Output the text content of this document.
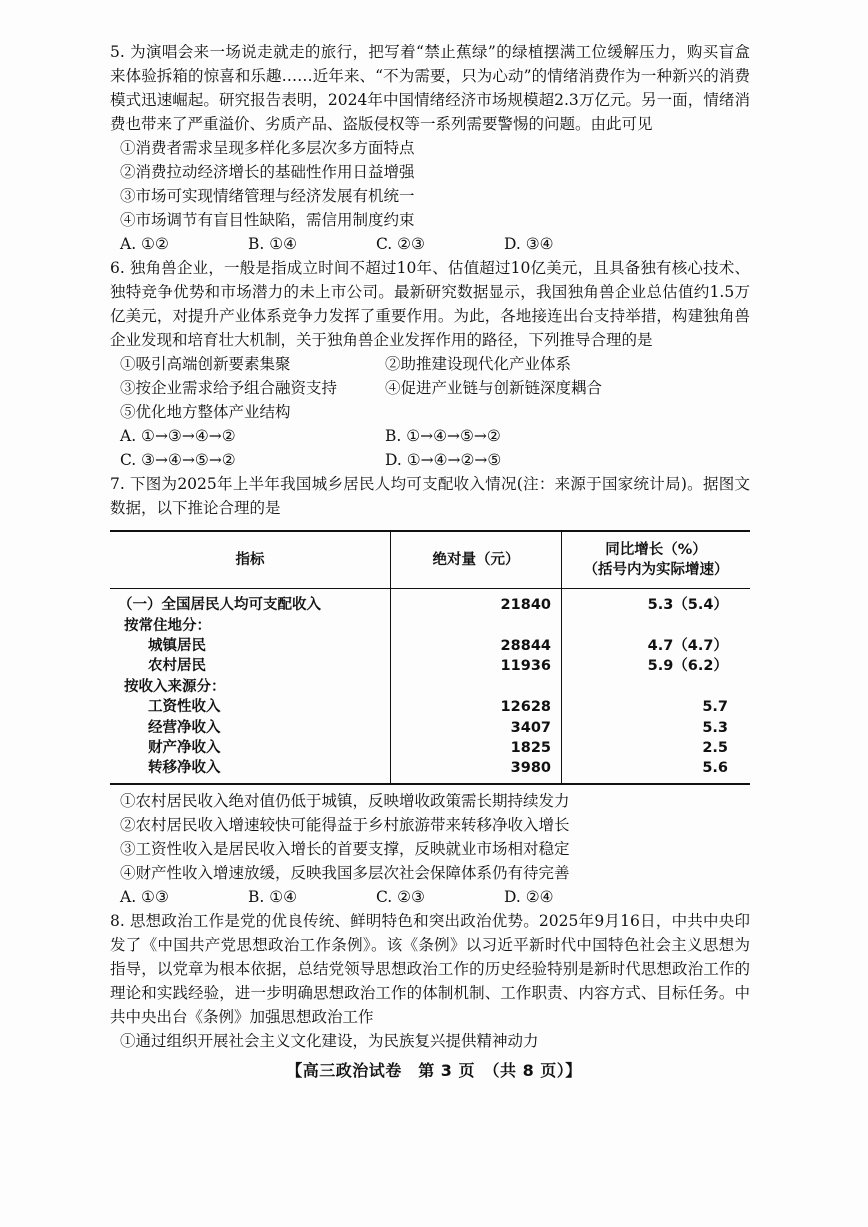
5. 为演唱会来一场说走就走的旅行，把写着“禁止蕉绿”的绿植摆满工位缓解压力，购买盲盒来体验拆箱的惊喜和乐趣……近年来、“不为需要，只为心动”的情绪消费作为一种新兴的消费模式迅速崛起。研究报告表明，2024年中国情绪经济市场规模超2.3万亿元。另一面，情绪消费也带来了严重溢价、劣质产品、盗版侵权等一系列需要警惕的问题。由此可见

①消费者需求呈现多样化多层次多方面特点

②消费拉动经济增长的基础性作用日益增强

③市场可实现情绪管理与经济发展有机统一

④市场调节有盲目性缺陷，需信用制度约束

A. ①②	B. ①④	C. ②③	D. ③④

6. 独角兽企业，一般是指成立时间不超过10年、估值超过10亿美元，且具备独有核心技术、独特竞争优势和市场潜力的未上市公司。最新研究数据显示，我国独角兽企业总估值约1.5万亿美元，对提升产业体系竞争力发挥了重要作用。为此，各地接连出台支持举措，构建独角兽企业发现和培育壮大机制，关于独角兽企业发挥作用的路径，下列推导合理的是

①吸引高端创新要素集聚	②助推建设现代化产业体系
③按企业需求给予组合融资支持	④促进产业链与创新链深度耦合

⑤优化地方整体产业结构

A. ①→③→④→②	B. ①→④→⑤→②
C. ③→④→⑤→②	D. ①→④→②→⑤

7. 下图为2025年上半年我国城乡居民人均可支配收入情况(注：来源于国家统计局)。据图文数据，以下推论合理的是

指标	绝对量（元）	同比增长（%）
（括号内为实际增速）

（一）全国居民人均可支配收入	21840	5.3（5.4）
按常住地分：		
城镇居民	28844	4.7（4.7）
农村居民	11936	5.9（6.2）
按收入来源分：		
工资性收入	12628	5.7
经营净收入	3407	5.3
财产净收入	1825	2.5
转移净收入	3980	5.6

①农村居民收入绝对值仍低于城镇，反映增收政策需长期持续发力

②农村居民收入增速较快可能得益于乡村旅游带来转移净收入增长

③工资性收入是居民收入增长的首要支撑，反映就业市场相对稳定

④财产性收入增速放缓，反映我国多层次社会保障体系仍有待完善

A. ①③	B. ①④	C. ②③	D. ②④

8. 思想政治工作是党的优良传统、鲜明特色和突出政治优势。2025年9月16日，中共中央印发了《中国共产党思想政治工作条例》。该《条例》以习近平新时代中国特色社会主义思想为指导，以党章为根本依据，总结党领导思想政治工作的历史经验特别是新时代思想政治工作的理论和实践经验，进一步明确思想政治工作的体制机制、工作职责、内容方式、目标任务。中共中央出台《条例》加强思想政治工作

①通过组织开展社会主义文化建设，为民族复兴提供精神动力

【高三政治试卷　第 3 页　（共 8 页）】
